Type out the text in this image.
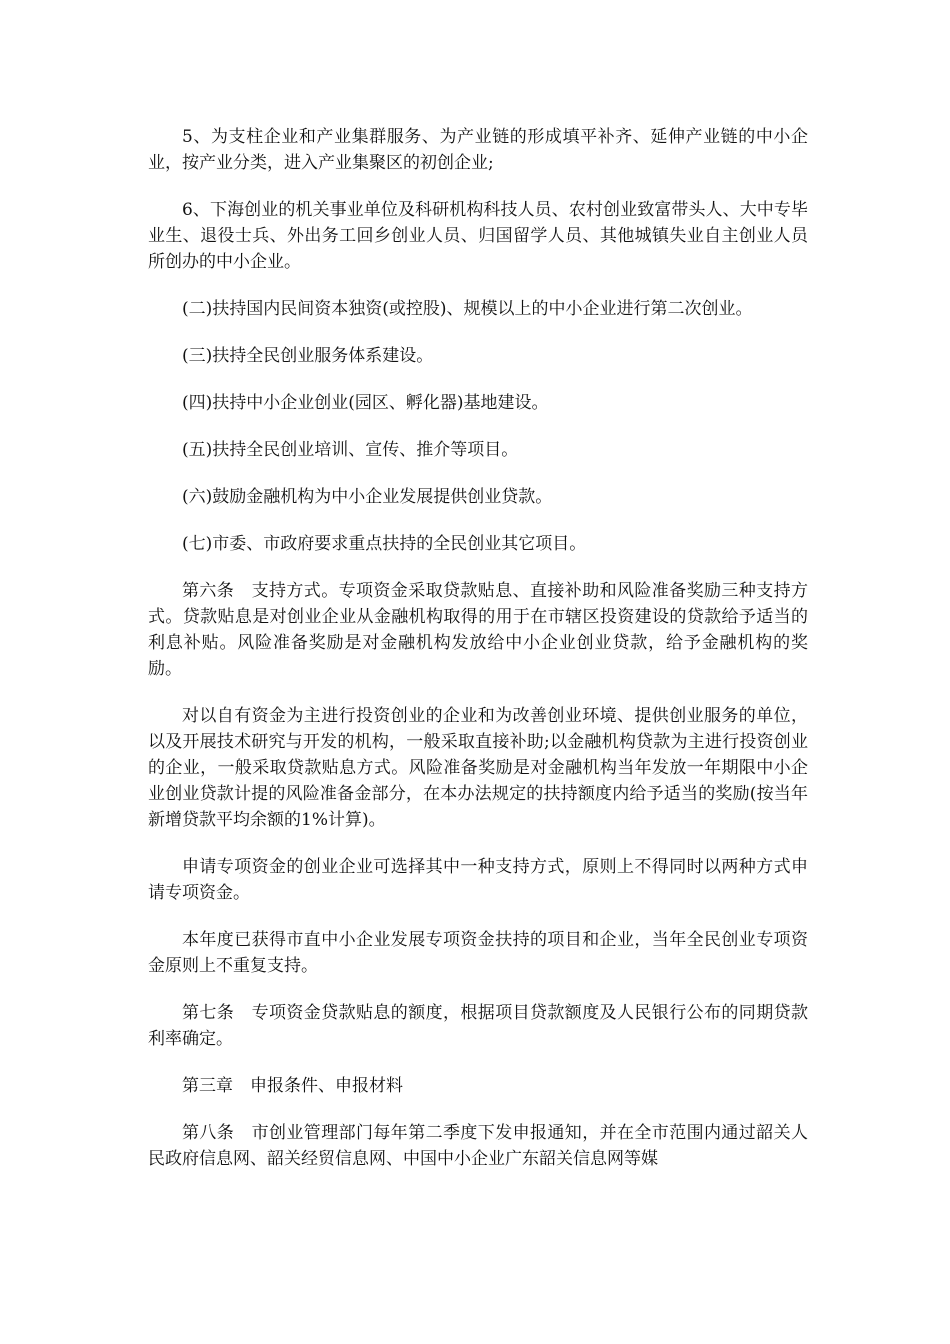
5、为支柱企业和产业集群服务、为产业链的形成填平补齐、延伸产业链的中小企业，按产业分类，进入产业集聚区的初创企业;

6、下海创业的机关事业单位及科研机构科技人员、农村创业致富带头人、大中专毕业生、退役士兵、外出务工回乡创业人员、归国留学人员、其他城镇失业自主创业人员所创办的中小企业。

(二)扶持国内民间资本独资(或控股)、规模以上的中小企业进行第二次创业。

(三)扶持全民创业服务体系建设。

(四)扶持中小企业创业(园区、孵化器)基地建设。

(五)扶持全民创业培训、宣传、推介等项目。

(六)鼓励金融机构为中小企业发展提供创业贷款。

(七)市委、市政府要求重点扶持的全民创业其它项目。

第六条　支持方式。专项资金采取贷款贴息、直接补助和风险准备奖励三种支持方式。贷款贴息是对创业企业从金融机构取得的用于在市辖区投资建设的贷款给予适当的利息补贴。风险准备奖励是对金融机构发放给中小企业创业贷款，给予金融机构的奖励。

对以自有资金为主进行投资创业的企业和为改善创业环境、提供创业服务的单位，以及开展技术研究与开发的机构，一般采取直接补助;以金融机构贷款为主进行投资创业的企业，一般采取贷款贴息方式。风险准备奖励是对金融机构当年发放一年期限中小企业创业贷款计提的风险准备金部分，在本办法规定的扶持额度内给予适当的奖励(按当年新增贷款平均余额的1%计算)。

申请专项资金的创业企业可选择其中一种支持方式，原则上不得同时以两种方式申请专项资金。

本年度已获得市直中小企业发展专项资金扶持的项目和企业，当年全民创业专项资金原则上不重复支持。

第七条　专项资金贷款贴息的额度，根据项目贷款额度及人民银行公布的同期贷款利率确定。

第三章　申报条件、申报材料

第八条　市创业管理部门每年第二季度下发申报通知，并在全市范围内通过韶关人民政府信息网、韶关经贸信息网、中国中小企业广东韶关信息网等媒
